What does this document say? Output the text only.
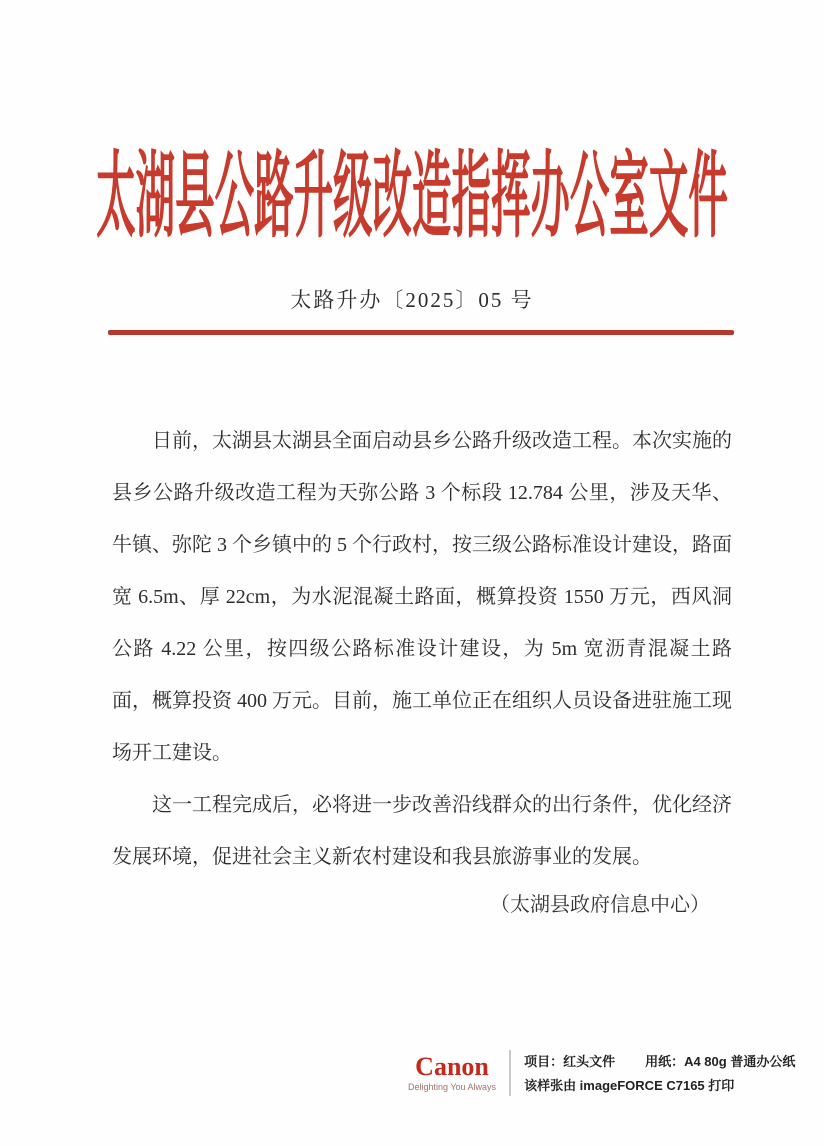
太湖县公路升级改造指挥办公室文件
太路升办〔2025〕05 号

日前，太湖县太湖县全面启动县乡公路升级改造工程。本次实施的县乡公路升级改造工程为天弥公路 3 个标段 12.784 公里，涉及天华、牛镇、弥陀 3 个乡镇中的 5 个行政村，按三级公路标准设计建设，路面宽 6.5m、厚 22cm，为水泥混凝土路面，概算投资 1550 万元，西风洞公路 4.22 公里，按四级公路标准设计建设，为 5m 宽沥青混凝土路面，概算投资 400 万元。目前，施工单位正在组织人员设备进驻施工现场开工建设。

这一工程完成后，必将进一步改善沿线群众的出行条件，优化经济发展环境，促进社会主义新农村建设和我县旅游事业的发展。

（太湖县政府信息中心）
Canon
Delighting You Always
项目：红头文件 用纸：A4 80g 普通办公纸
该样张由 imageFORCE C7165 打印
